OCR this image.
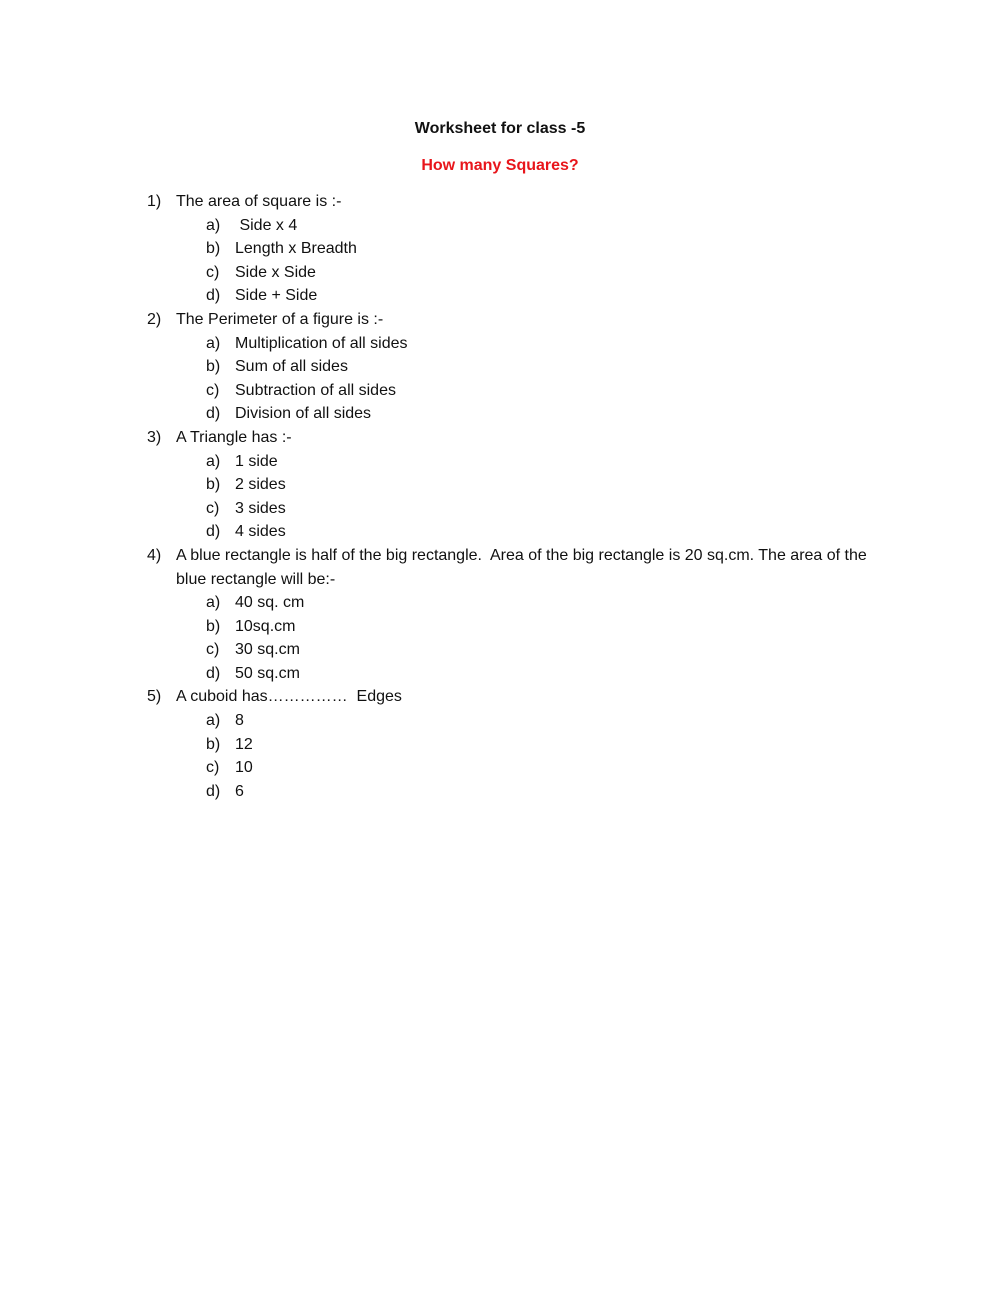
Worksheet for class -5
How many Squares?
1) The area of square is :-
a) Side x 4
b) Length x Breadth
c) Side x Side
d) Side + Side
2) The Perimeter of a figure is :-
a) Multiplication of all sides
b) Sum of all sides
c) Subtraction of all sides
d) Division of all sides
3) A Triangle has :-
a) 1 side
b) 2 sides
c) 3 sides
d) 4 sides
4) A blue rectangle is half of the big rectangle.  Area of the big rectangle is 20 sq.cm. The area of the blue rectangle will be:-
a) 40 sq. cm
b) 10sq.cm
c) 30 sq.cm
d) 50 sq.cm
5) A cuboid has……………  Edges
a) 8
b) 12
c) 10
d) 6
